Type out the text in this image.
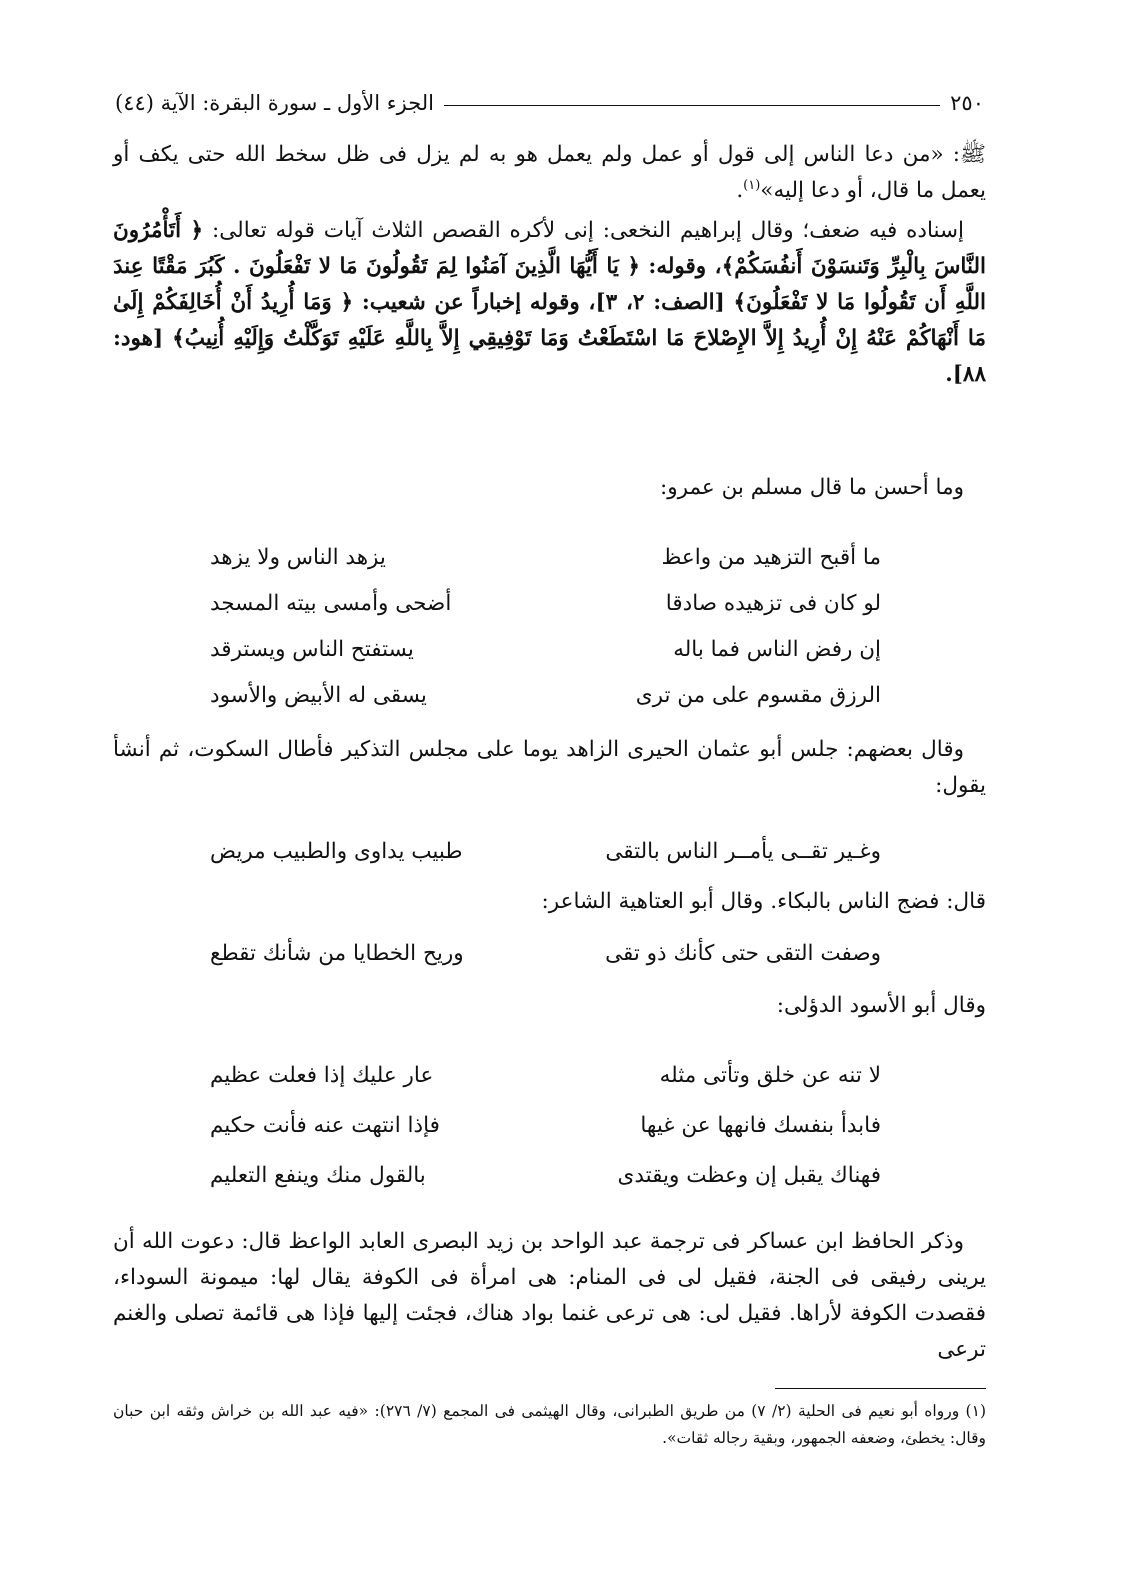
الجزء الأول ـ سورة البقرة: الآية (٤٤)	٢٥٠
ﷺ: «من دعا الناس إلى قول أو عمل ولم يعمل هو به لم يزل فى ظل سخط الله حتى يكف أو يعمل ما قال، أو دعا إليه»$^{(١)}$.
إسناده فيه ضعف؛ وقال إبراهيم النخعى: إنى لأكره القصص الثلاث آيات قوله تعالى: ﴿ أَتَأْمُرُونَ النَّاسَ بِالْبِرِّ وَتَنسَوْنَ أَنفُسَكُمْ﴾، وقوله: ﴿ يَا أَيُّهَا الَّذِينَ آمَنُوا لِمَ تَقُولُونَ مَا لا تَفْعَلُونَ . كَبُرَ مَقْتًا عِندَ اللَّهِ أَن تَقُولُوا مَا لا تَفْعَلُونَ﴾ [الصف: ٢، ٣]، وقوله إخباراً عن شعيب: ﴿ وَمَا أُرِيدُ أَنْ أُخَالِفَكُمْ إِلَىٰ مَا أَنْهَاكُمْ عَنْهُ إِنْ أُرِيدُ إِلاَّ الإِصْلاحَ مَا اسْتَطَعْتُ وَمَا تَوْفِيقِي إِلاَّ بِاللَّهِ عَلَيْهِ تَوَكَّلْتُ وَإِلَيْهِ أُنِيبُ﴾ [هود: ٨٨].
وما أحسن ما قال مسلم بن عمرو:
ما أقبح التزهيد من واعظ
يزهد الناس ولا يزهد
لو كان فى تزهيده صادقا
أضحى وأمسى بيته المسجد
إن رفض الناس فما باله
يستفتح الناس ويسترقد
الرزق مقسوم على من ترى
يسقى له الأبيض والأسود
وقال بعضهم: جلس أبو عثمان الحيرى الزاهد يوما على مجلس التذكير فأطال السكوت، ثم أنشأ يقول:
وغـير تقــى يأمــر الناس بالتقى
طبيب يداوى والطبيب مريض
قال: فضج الناس بالبكاء. وقال أبو العتاهية الشاعر:
وصفت التقى حتى كأنك ذو تقى
وريح الخطايا من شأنك تقطع
وقال أبو الأسود الدؤلى:
لا تنه عن خلق وتأتى مثله
عار عليك إذا فعلت عظيم
فابدأ بنفسك فانهها عن غيها
فإذا انتهت عنه فأنت حكيم
فهناك يقبل إن وعظت ويقتدى
بالقول منك وينفع التعليم
وذكر الحافظ ابن عساكر فى ترجمة عبد الواحد بن زيد البصرى العابد الواعظ قال: دعوت الله أن يرينى رفيقى فى الجنة، فقيل لى فى المنام: هى امرأة فى الكوفة يقال لها: ميمونة السوداء، فقصدت الكوفة لأراها. فقيل لى: هى ترعى غنما بواد هناك، فجئت إليها فإذا هى قائمة تصلى والغنم ترعى
(١) ورواه أبو نعيم فى الحلية (٢/ ٧) من طريق الطبرانى، وقال الهيثمى فى المجمع (٧/ ٢٧٦): «فيه عبد الله بن خراش وثقه ابن حبان وقال: يخطئ، وضعفه الجمهور، وبقية رجاله ثقات».
